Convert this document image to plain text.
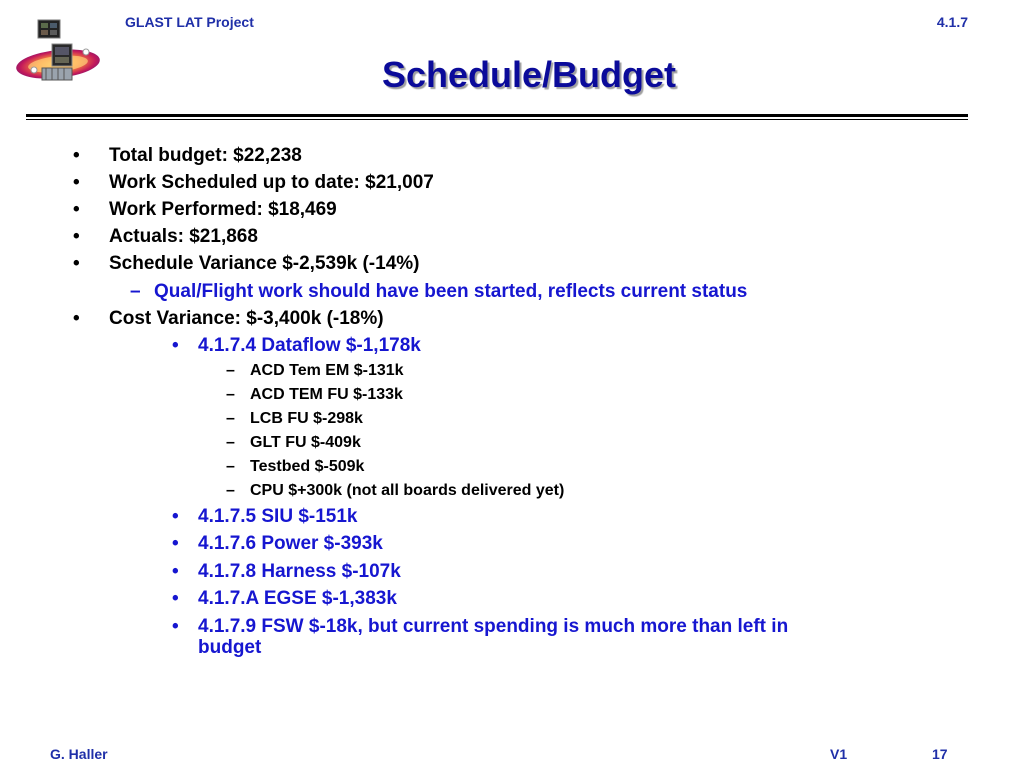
GLAST LAT Project	4.1.7
Schedule/Budget
• Total budget: $22,238
• Work Scheduled up to date: $21,007
• Work Performed: $18,469
• Actuals: $21,868
• Schedule Variance $-2,539k (-14%)
– Qual/Flight work should have been started, reflects current status
• Cost Variance: $-3,400k (-18%)
• 4.1.7.4 Dataflow $-1,178k
– ACD Tem EM $-131k
– ACD TEM FU $-133k
– LCB FU $-298k
– GLT FU $-409k
– Testbed $-509k
– CPU $+300k (not all boards delivered yet)
• 4.1.7.5 SIU $-151k
• 4.1.7.6 Power $-393k
• 4.1.7.8 Harness $-107k
• 4.1.7.A EGSE $-1,383k
• 4.1.7.9 FSW $-18k, but current spending is much more than left in
budget
G. Haller	V1	17
